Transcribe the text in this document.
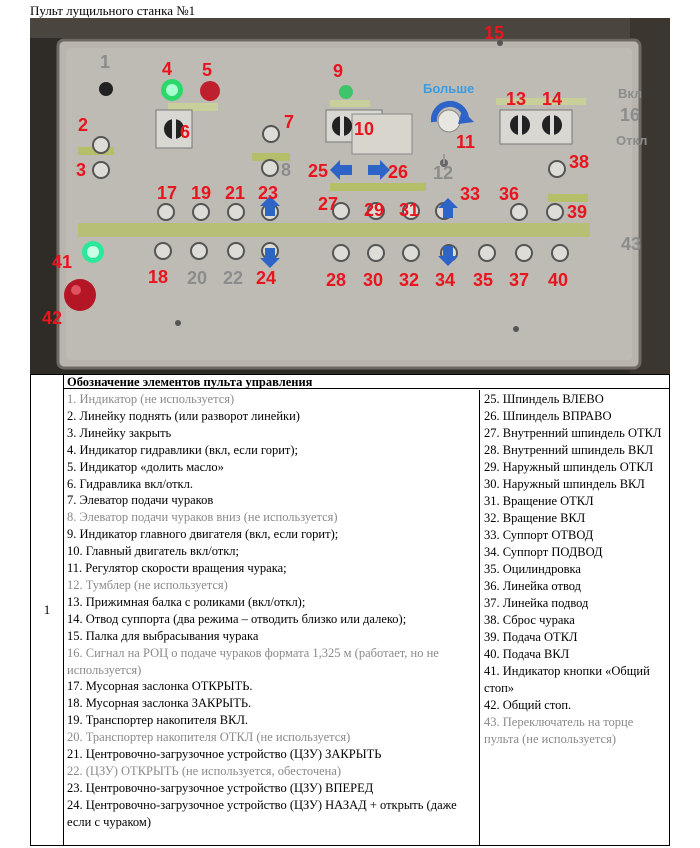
Пульт лущильного станка №1
1
2
3
4 5
6	7
8
9
10
11
12
13 14
15
16
17
18
19
20
21
22
23
24
25	26
27
28
29
30
31
32
33
34 35
36
37
38
39
40
41
42
43
Больше	Вкл
Откл
1
Обозначение элементов пульта управления
1. Индикатор (не используется)
2. Линейку поднять (или разворот линейки)
3. Линейку закрыть
4. Индикатор гидравлики (вкл, если горит);
5. Индикатор «долить масло»
6. Гидравлика вкл/откл.
7. Элеватор подачи чураков
8. Элеватор подачи чураков вниз (не используется)
9. Индикатор главного двигателя (вкл, если горит);
10. Главный двигатель вкл/откл;
11. Регулятор скорости вращения чурака;
12. Тумблер (не используется)
13. Прижимная балка с роликами (вкл/откл);
14. Отвод суппорта (два режима – отводить близко или далеко);
15. Палка для выбрасывания чурака
16. Сигнал на РОЦ о подаче чураков формата 1,325 м (работает, но не используется)
17. Мусорная заслонка ОТКРЫТЬ.
18. Мусорная заслонка ЗАКРЫТЬ.
19. Транспортер накопителя ВКЛ.
20. Транспортер накопителя ОТКЛ (не используется)
21. Центровочно-загрузочное устройство (ЦЗУ) ЗАКРЫТЬ
22. (ЦЗУ) ОТКРЫТЬ (не используется, обесточена)
23. Центровочно-загрузочное устройство (ЦЗУ) ВПЕРЕД
24. Центровочно-загрузочное устройство (ЦЗУ) НАЗАД + открыть (даже если с чураком)
25. Шпиндель ВЛЕВО
26. Шпиндель ВПРАВО
27. Внутренний шпиндель ОТКЛ
28. Внутренний шпиндель ВКЛ
29. Наружный шпиндель ОТКЛ
30. Наружный шпиндель ВКЛ
31. Вращение ОТКЛ
32. Вращение ВКЛ
33. Суппорт ОТВОД
34. Суппорт ПОДВОД
35. Оцилиндровка
36. Линейка отвод
37. Линейка подвод
38. Сброс чурака
39. Подача ОТКЛ
40. Подача ВКЛ
41. Индикатор кнопки «Общий стоп»
42. Общий стоп.
43. Переключатель на торце пульта (не используется)
